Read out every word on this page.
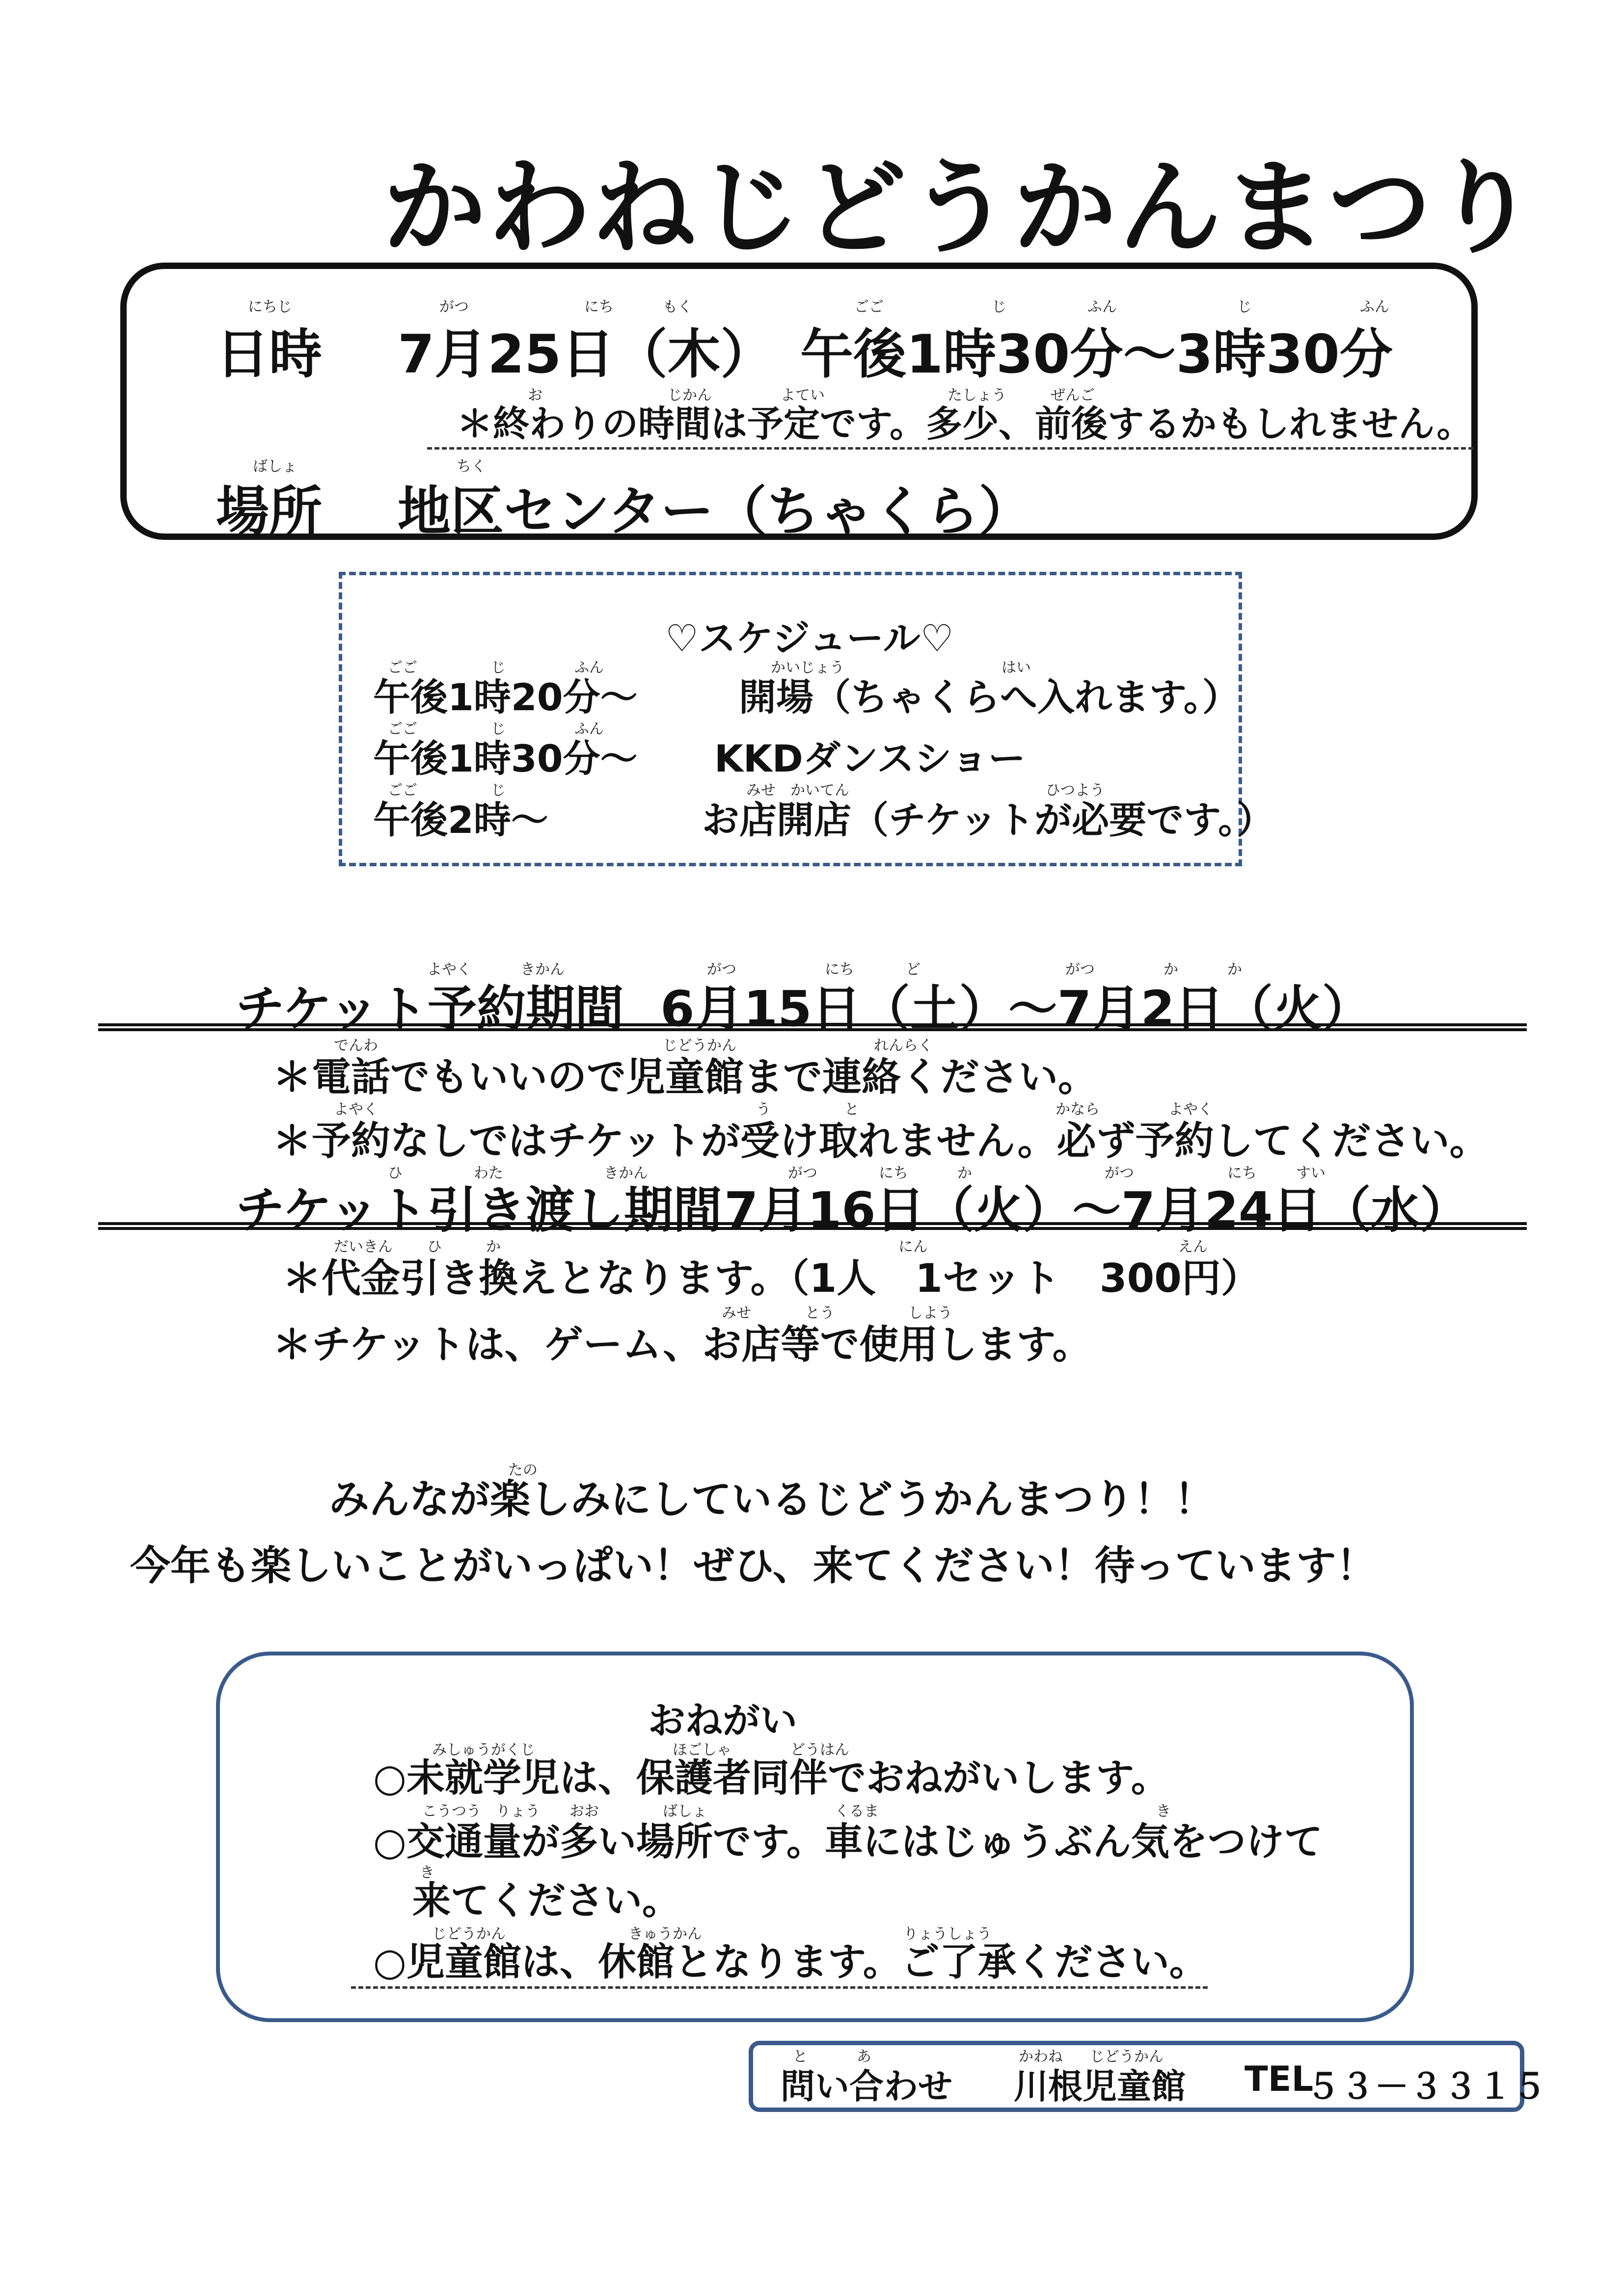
かわねじどうかんまつり
にちじ	がつ	にち	もく	ごご	じ	ふん	じ	ふん
日時 7月25日（木） 午後1時30分～3時30分
お	じかん	よてい	たしょう	ぜんご
＊終わりの時間は予定です。多少、前後するかもしれません。
ばしょ	ちく
場所 地区センター（ちゃくら）
♡スケジュール♡
ごご	じ	ふん	かいじょう	はい
午後1時20分～	開場（ちゃくらへ入れます。）
ごご	じ	ふん
午後1時30分～ KKDダンスショー
ごご	じ	みせ かいてん	ひつよう
午後2時～	お店開店（チケットが必要です。）
よやく	きかん	がつ	にち	ど	がつ	か	か
チケット予約期間 6月15日（土）～7月2日（火）
でんわ	じどうかん	れんらく
＊電話でもいいので児童館まで連絡ください。
よやく	う	と	かなら	よやく
＊予約なしではチケットが受け取れません。必ず予約してください。
ひ	わた	きかん	がつ	にち	か	がつ	にち	すい
チケット引き渡し期間 7月16日（火）～7月24日（水）
だいきん ひ	か	にん	えん
＊代金引き換えとなります。（1人　1セット　300円）
みせ	とう	しよう
＊チケットは、ゲーム、お店等で使用します。
たの
みんなが楽しみにしているじどうかんまつり！！
今年も楽しいことがいっぱい！ぜひ、来てください！待っています！
おねがい
みしゅうがくじ	ほごしゃ	どうはん
○未就学児は、保護者同伴でおねがいします。
こうつう りょう おお	ばしょ	くるま	き
○交通量が多い場所です。車にはじゅうぶん気をつけて
き
来てください。
じどうかん	きゅうかん	りょうしょう
○児童館は、休館となります。ご了承ください。
と	あ	かわね じどうかん
問い合わせ 川根児童館 TEL
５３－３３１５
